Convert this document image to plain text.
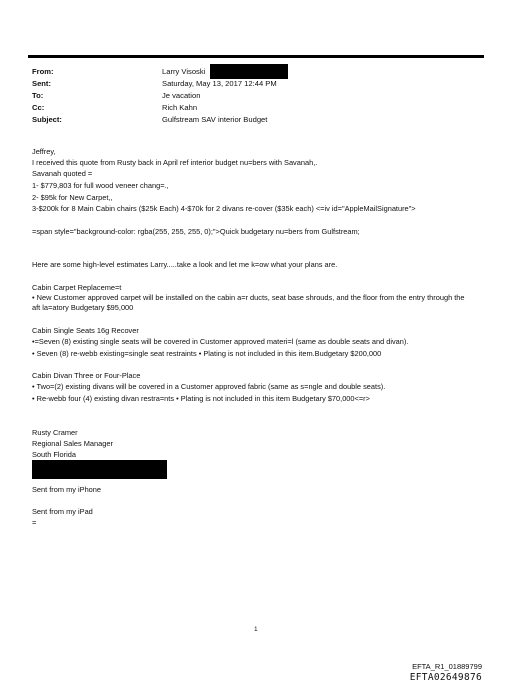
From:	Larry Visoski
Sent:	Saturday, May 13, 2017 12:44 PM
To:	Je vacation
Cc:	Rich Kahn
Subject:	Gulfstream SAV interior Budget
Jeffrey,
I received this quote from Rusty back in April ref interior budget nu=bers with Savanah,.
Savanah quoted =
1- $779,803 for full wood veneer chang=.,
2- $95k for New Carpet,,
3-$200k for 8 Main Cabin chairs ($25k Each) 4-$70k for 2 divans re-cover ($35k each) <=iv id="AppleMailSignature">
=span style="background-color: rgba(255, 255, 255, 0);">Quick budgetary nu=bers from Gulfstream;
Here are some high-level estimates Larry.....take a look and let me k=ow what your plans are.
Cabin Carpet Replaceme=t
• New Customer approved carpet will be installed on the cabin a=r ducts, seat base shrouds, and the floor from the entry through the aft la=atory Budgetary $95,000
Cabin Single Seats 16g Recover
•=Seven (8) existing single seats will be covered in Customer approved materi=l (same as double seats and divan).
• Seven (8) re-webb existing=single seat restraints • Plating is not included in this item.Budgetary $200,000
Cabin Divan Three or Four-Place
• Two=(2) existing divans will be covered in a Customer approved fabric (same as s=ngle and double seats).
• Re-webb four (4) existing divan restra=nts • Plating is not included in this item Budgetary $70,000<=r>
Rusty Cramer
Regional Sales Manager
South Florida
Sent from my iPhone
Sent from my iPad
=
1
EFTA_R1_01889799
EFTA02649876
